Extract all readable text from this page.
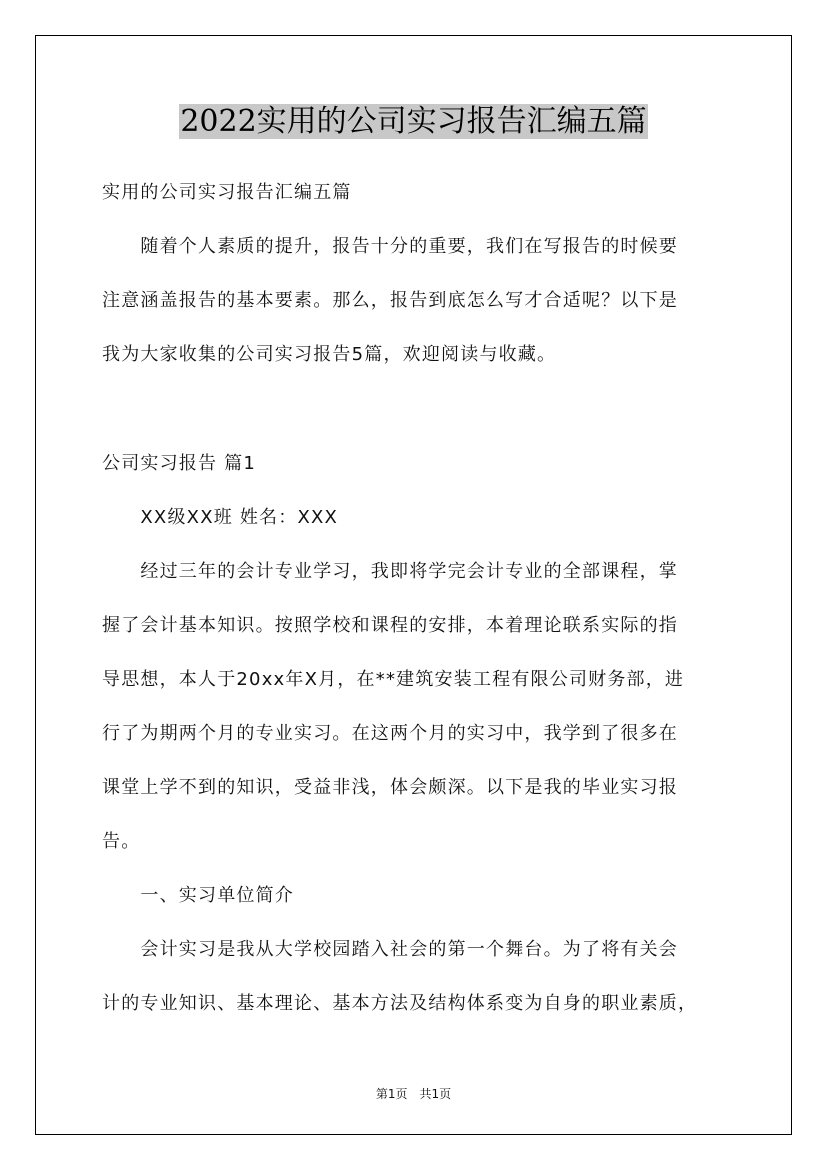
2022实用的公司实习报告汇编五篇
实用的公司实习报告汇编五篇
　　随着个人素质的提升，报告十分的重要，我们在写报告的时候要
注意涵盖报告的基本要素。那么，报告到底怎么写才合适呢？以下是
我为大家收集的公司实习报告5篇，欢迎阅读与收藏。
公司实习报告 篇1
　　XX级XX班 姓名：XXX
　　经过三年的会计专业学习，我即将学完会计专业的全部课程，掌
握了会计基本知识。按照学校和课程的安排，本着理论联系实际的指
导思想，本人于20xx年X月，在**建筑安装工程有限公司财务部，进
行了为期两个月的专业实习。在这两个月的实习中，我学到了很多在
课堂上学不到的知识，受益非浅，体会颇深。以下是我的毕业实习报
告。
　　一、实习单位简介
　　会计实习是我从大学校园踏入社会的第一个舞台。为了将有关会
计的专业知识、基本理论、基本方法及结构体系变为自身的职业素质，
第1页　共1页
